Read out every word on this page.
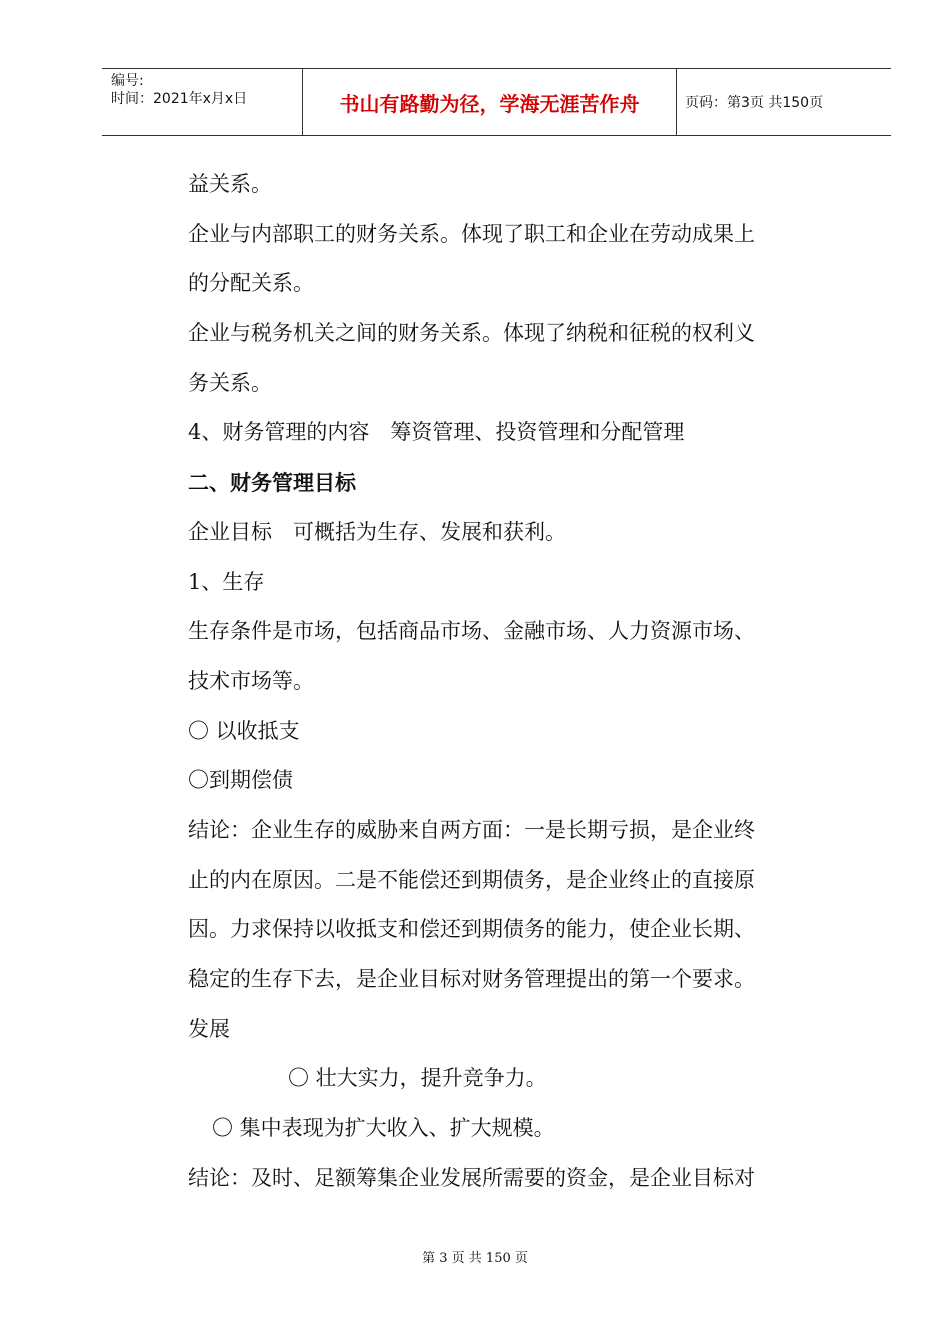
编号:
时间：2021年x月x日	书山有路勤为径，学海无涯苦作舟	页码：第3页 共150页
益关系。
企业与内部职工的财务关系。体现了职工和企业在劳动成果上
的分配关系。
企业与税务机关之间的财务关系。体现了纳税和征税的权利义
务关系。
4、财务管理的内容　筹资管理、投资管理和分配管理
二、财务管理目标
企业目标　可概括为生存、发展和获利。
1、生存
生存条件是市场，包括商品市场、金融市场、人力资源市场、
技术市场等。
〇 以收抵支
〇到期偿债
结论：企业生存的威胁来自两方面：一是长期亏损，是企业终
止的内在原因。二是不能偿还到期债务，是企业终止的直接原
因。力求保持以收抵支和偿还到期债务的能力，使企业长期、
稳定的生存下去，是企业目标对财务管理提出的第一个要求。
发展
〇 壮大实力，提升竞争力。
〇 集中表现为扩大收入、扩大规模。
结论：及时、足额筹集企业发展所需要的资金，是企业目标对
第 3 页 共 150 页
